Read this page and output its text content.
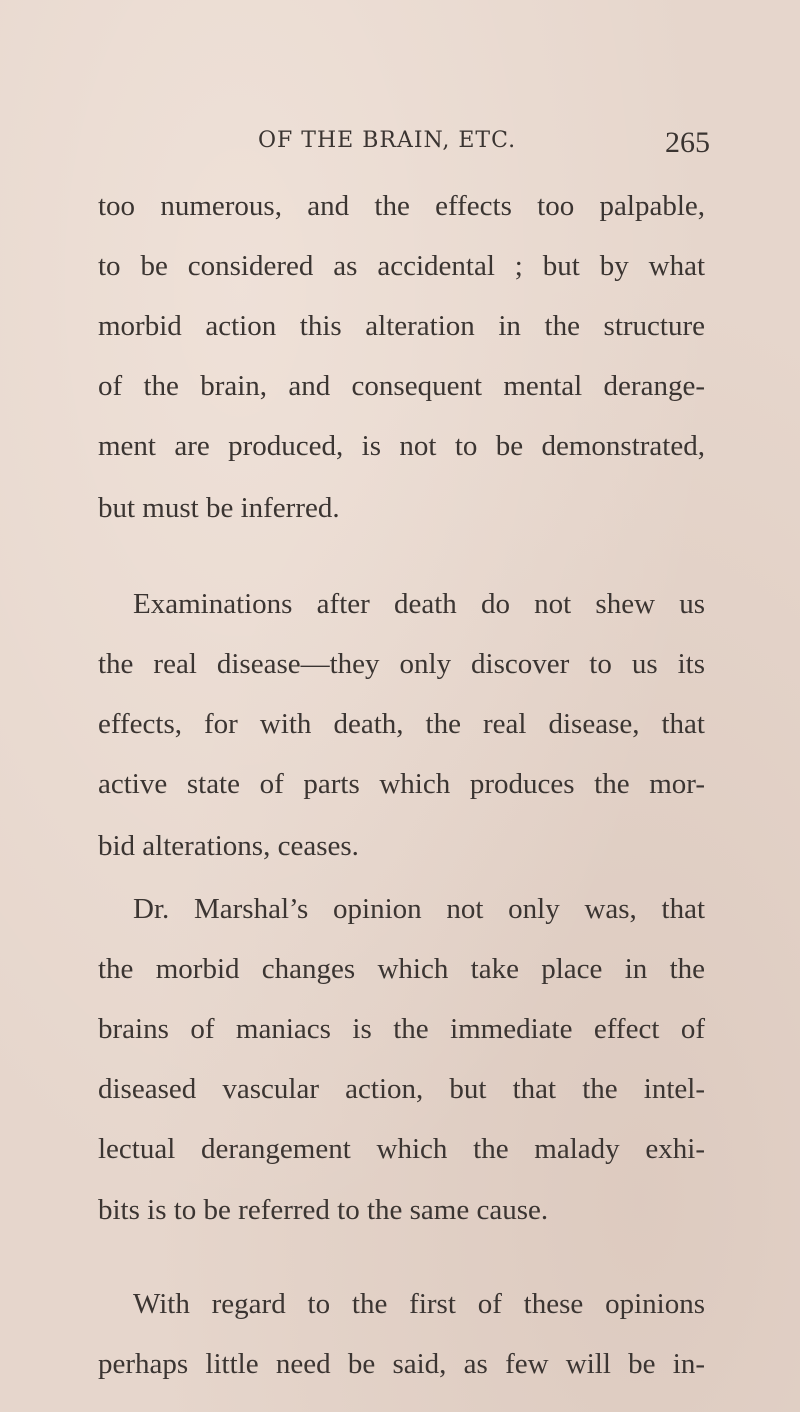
OF THE BRAIN, ETC.	265
too numerous, and the effects too palpable,
to be considered as accidental ; but by what
morbid action this alteration in the structure
of the brain, and consequent mental derange-
ment are produced, is not to be demonstrated,
but must be inferred.
Examinations after death do not shew us
the real disease—they only discover to us its
effects, for with death, the real disease, that
active state of parts which produces the mor-
bid alterations, ceases.
Dr. Marshal’s opinion not only was, that
the morbid changes which take place in the
brains of maniacs is the immediate effect of
diseased vascular action, but that the intel-
lectual derangement which the malady exhi-
bits is to be referred to the same cause.
With regard to the first of these opinions
perhaps little need be said, as few will be in-
